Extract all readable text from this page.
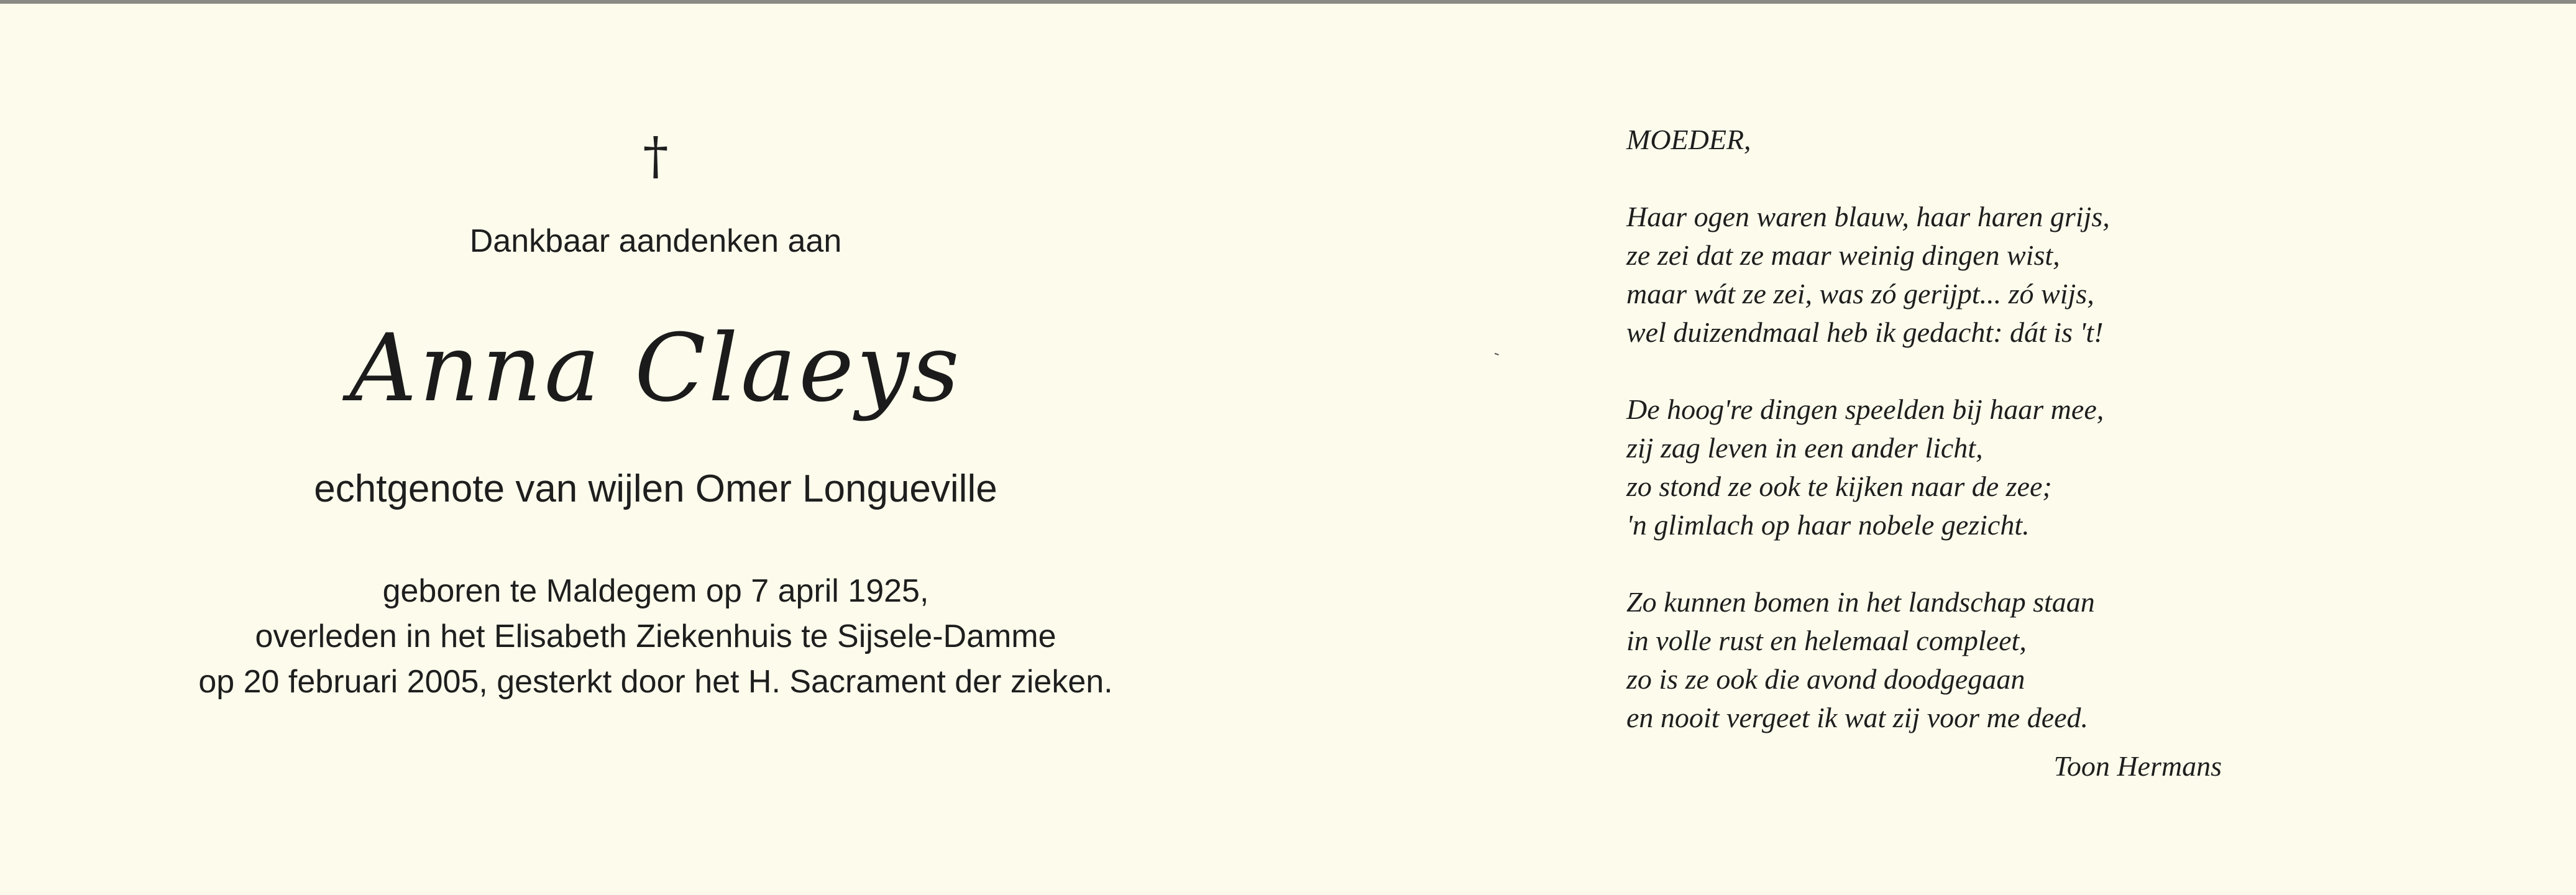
†
Dankbaar aandenken aan
Anna Claeys
echtgenote van wijlen Omer Longueville
geboren te Maldegem op 7 april 1925,
overleden in het Elisabeth Ziekenhuis te Sijsele-Damme
op 20 februari 2005, gesterkt door het H. Sacrament der zieken.
‐
MOEDER,
Haar ogen waren blauw, haar haren grijs,
ze zei dat ze maar weinig dingen wist,
maar wát ze zei, was zó gerijpt... zó wijs,
wel duizendmaal heb ik gedacht: dát is 't!
De hoog're dingen speelden bij haar mee,
zij zag leven in een ander licht,
zo stond ze ook te kijken naar de zee;
'n glimlach op haar nobele gezicht.
Zo kunnen bomen in het landschap staan
in volle rust en helemaal compleet,
zo is ze ook die avond doodgegaan
en nooit vergeet ik wat zij voor me deed.
Toon Hermans
